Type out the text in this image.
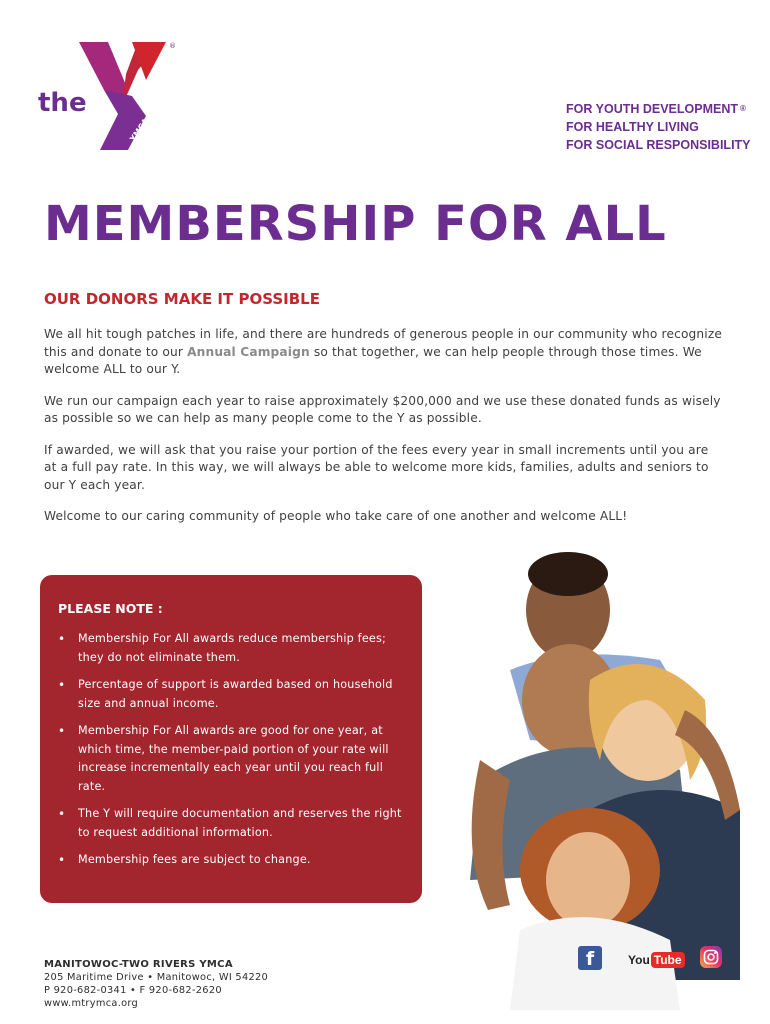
the
YMCA
®
FOR YOUTH DEVELOPMENT ®
FOR HEALTHY LIVING
FOR SOCIAL RESPONSIBILITY
MEMBERSHIP FOR ALL
OUR DONORS MAKE IT POSSIBLE

We all hit tough patches in life, and there are hundreds of generous people in our community who recognize this and donate to our Annual Campaign so that together, we can help people through those times. We welcome ALL to our Y.

We run our campaign each year to raise approximately $200,000 and we use these donated funds as wisely as possible so we can help as many people come to the Y as possible.

If awarded, we will ask that you raise your portion of the fees every year in small increments until you are at a full pay rate. In this way, we will always be able to welcome more kids, families, adults and seniors to our Y each year.

Welcome to our caring community of people who take care of one another and welcome ALL!

PLEASE NOTE :
• Membership For All awards reduce membership fees; they do not eliminate them.
• Percentage of support is awarded based on household size and annual income.
• Membership For All awards are good for one year, at which time, the member-paid portion of your rate will increase incrementally each year until you reach full rate.
• The Y will require documentation and reserves the right to request additional information.
• Membership fees are subject to change.
MANITOWOC-TWO RIVERS YMCA
205 Maritime Drive • Manitowoc, WI 54220
P 920-682-0341 • F 920-682-2620
www.mtrymca.org
f	You Tube
